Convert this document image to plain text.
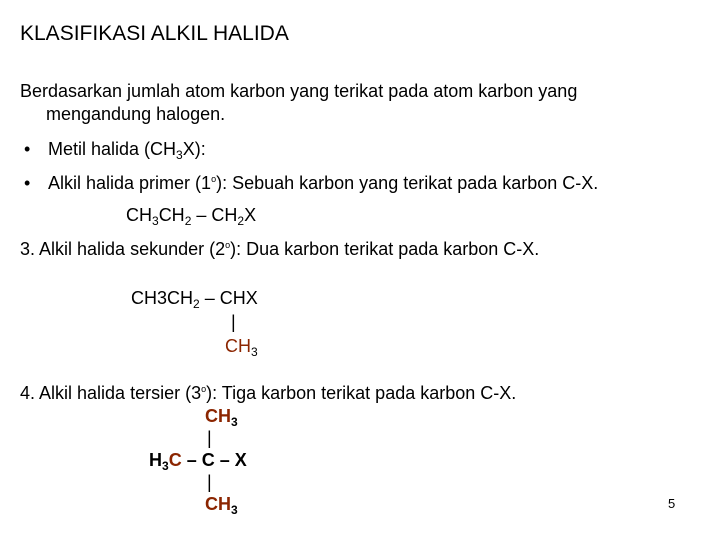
KLASIFIKASI ALKIL HALIDA
Berdasarkan jumlah atom karbon yang terikat pada atom karbon yang
mengandung halogen.
• Metil halida $(CH_3X)$:
• Alkil halida primer (1$^o$): Sebuah karbon yang terikat pada karbon C-X.
$CH_3CH_2 - CH_2X$
3. Alkil halida sekunder (2$^o$): Dua karbon terikat pada karbon C-X.
$CH3CH_2$ – CHX
|
$CH_3$
4. Alkil halida tersier (3$^o$): Tiga karbon terikat pada karbon C-X.
$CH_3$
|
$H_3C$ – C – X
|
$CH_3$	5
